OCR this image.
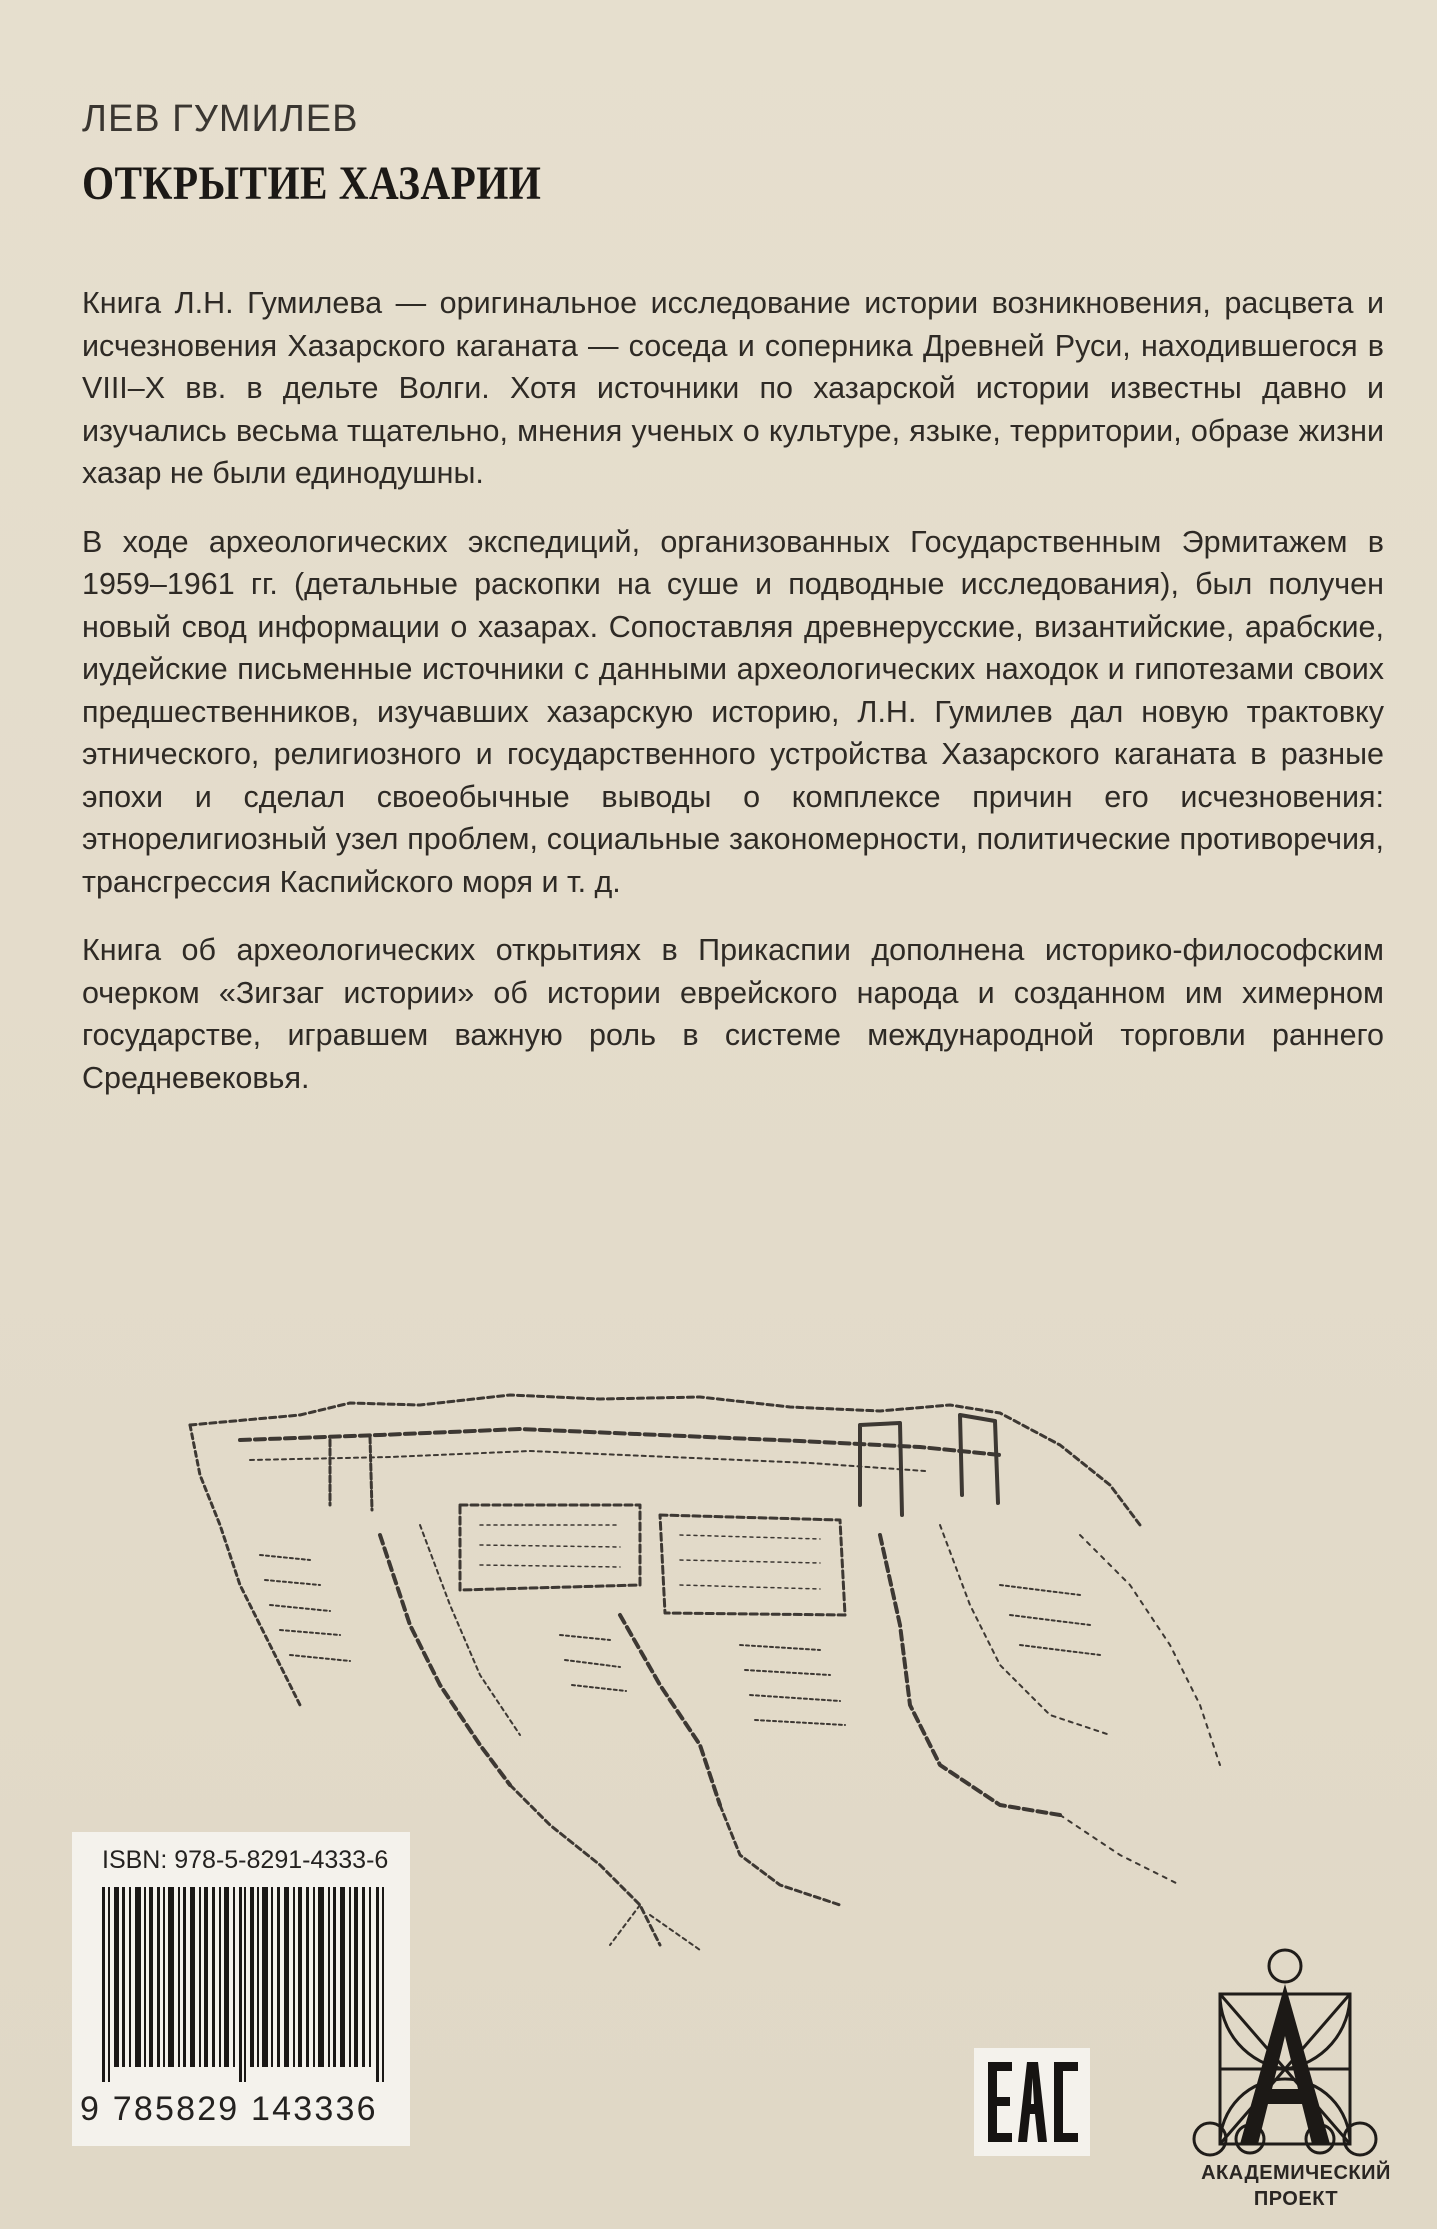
ЛЕВ ГУМИЛЕВ
ОТКРЫТИЕ ХАЗАРИИ

Книга Л.Н. Гумилева — оригинальное исследование истории возникновения, расцвета и исчезновения Хазарского каганата — соседа и соперника Древней Руси, находившегося в VIII–X вв. в дельте Волги. Хотя источники по хазарской истории известны давно и изучались весьма тщательно, мнения ученых о культуре, языке, территории, образе жизни хазар не были единодушны.

В ходе археологических экспедиций, организованных Государственным Эрмитажем в 1959–1961 гг. (детальные раскопки на суше и подводные исследования), был получен новый свод информации о хазарах. Сопоставляя древнерусские, византийские, арабские, иудейские письменные источники с данными археологических находок и гипотезами своих предшественников, изучавших хазарскую историю, Л.Н. Гумилев дал новую трактовку этнического, религиозного и государственного устройства Хазарского каганата в разные эпохи и сделал своеобычные выводы о комплексе причин его исчезновения: этнорелигиозный узел проблем, социальные закономерности, политические противоречия, трансгрессия Каспийского моря и т. д.

Книга об археологических открытиях в Прикаспии дополнена историко-философским очерком «Зигзаг истории» об истории еврейского народа и созданном им химерном государстве, игравшем важную роль в системе международной торговли раннего Средневековья.

ISBN: 978-5-8291-4333-6
9 785829 143336
АКАДЕМИЧЕСКИЙ
ПРОЕКТ
